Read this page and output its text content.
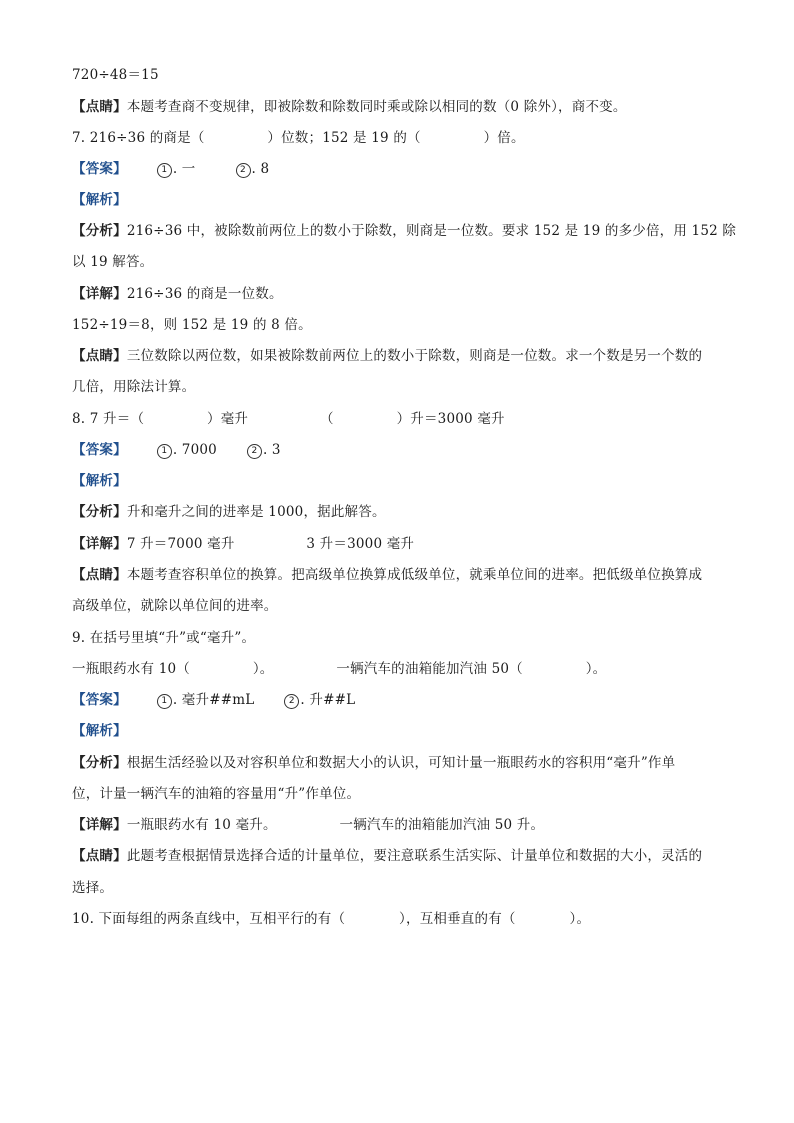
720÷48＝15
【点睛】本题考查商不变规律，即被除数和除数同时乘或除以相同的数（0 除外），商不变。
7. 216÷36 的商是（              ）位数；152 是 19 的（              ）倍。
【答案】	1 . 一	2 . 8
【解析】
【分析】216÷36 中，被除数前两位上的数小于除数，则商是一位数。要求 152 是 19 的多少倍，用 152 除
以 19 解答。
【详解】216÷36 的商是一位数。
152÷19＝8，则 152 是 19 的 8 倍。
【点睛】三位数除以两位数，如果被除数前两位上的数小于除数，则商是一位数。求一个数是另一个数的
几倍，用除法计算。
8. 7 升＝（              ）毫升                （              ）升＝3000 毫升
【答案】	1 . 7000	2 . 3
【解析】
【分析】升和毫升之间的进率是 1000，据此解答。
【详解】7 升＝7000 毫升                3 升＝3000 毫升
【点睛】本题考查容积单位的换算。把高级单位换算成低级单位，就乘单位间的进率。把低级单位换算成
高级单位，就除以单位间的进率。
9. 在括号里填“升”或“毫升”。
一瓶眼药水有 10（              ）。              一辆汽车的油箱能加汽油 50（              ）。
【答案】	1 . 毫升##mL	2 . 升##L
【解析】
【分析】根据生活经验以及对容积单位和数据大小的认识，可知计量一瓶眼药水的容积用“毫升”作单
位，计量一辆汽车的油箱的容量用“升”作单位。
【详解】一瓶眼药水有 10 毫升。              一辆汽车的油箱能加汽油 50 升。
【点睛】此题考查根据情景选择合适的计量单位，要注意联系生活实际、计量单位和数据的大小，灵活的
选择。
10. 下面每组的两条直线中，互相平行的有（            ），互相垂直的有（            ）。
